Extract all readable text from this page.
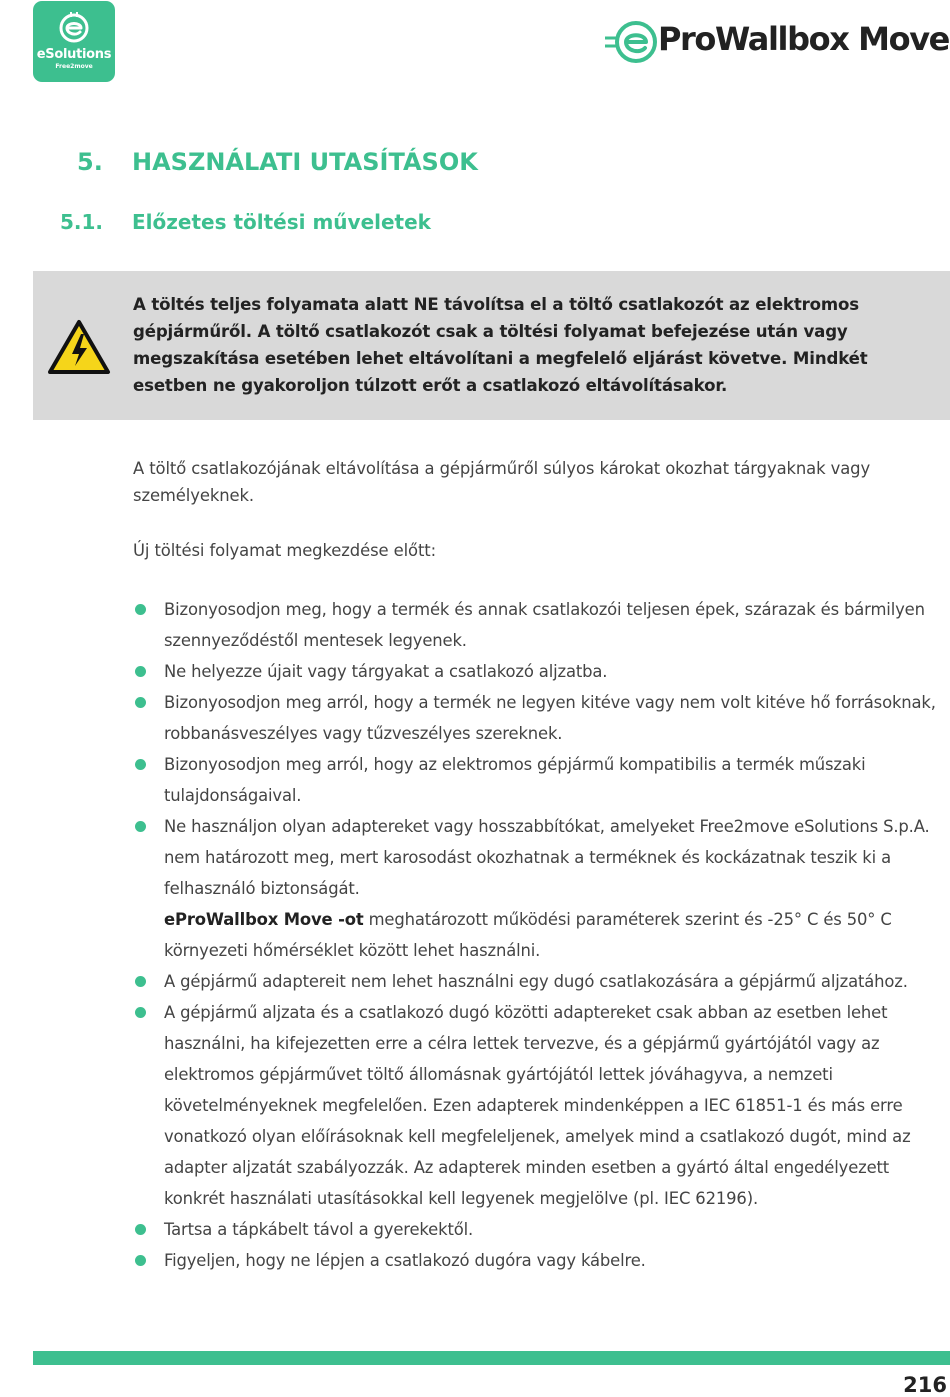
eSolutions
Free2move
ProWallbox Move
5. HASZNÁLATI UTASÍTÁSOK
5.1. Előzetes töltési műveletek
A töltés teljes folyamata alatt NE távolítsa el a töltő csatlakozót az elektromos gépjárműről. A töltő csatlakozót csak a töltési folyamat befejezése után vagy megszakítása esetében lehet eltávolítani a megfelelő eljárást követve. Mindkét esetben ne gyakoroljon túlzott erőt a csatlakozó eltávolításakor.
A töltő csatlakozójának eltávolítása a gépjárműről súlyos károkat okozhat tárgyaknak vagy személyeknek.
Új töltési folyamat megkezdése előtt:
Bizonyosodjon meg, hogy a termék és annak csatlakozói teljesen épek, szárazak és bármilyen szennyeződéstől mentesek legyenek.
Ne helyezze újait vagy tárgyakat a csatlakozó aljzatba.
Bizonyosodjon meg arról, hogy a termék ne legyen kitéve vagy nem volt kitéve hő forrásoknak, robbanásveszélyes vagy tűzveszélyes szereknek.
Bizonyosodjon meg arról, hogy az elektromos gépjármű kompatibilis a termék műszaki tulajdonságaival.
Ne használjon olyan adaptereket vagy hosszabbítókat, amelyeket Free2move eSolutions S.p.A. nem határozott meg, mert karosodást okozhatnak a terméknek és kockázatnak teszik ki a felhasználó biztonságát.
eProWallbox Move -ot meghatározott működési paraméterek szerint és -25° C és 50° C környezeti hőmérséklet között lehet használni.
A gépjármű adaptereit nem lehet használni egy dugó csatlakozására a gépjármű aljzatához.
A gépjármű aljzata és a csatlakozó dugó közötti adaptereket csak abban az esetben lehet használni, ha kifejezetten erre a célra lettek tervezve, és a gépjármű gyártójától vagy az elektromos gépjárművet töltő állomásnak gyártójától lettek jóváhagyva, a nemzeti követelményeknek megfelelően. Ezen adapterek mindenképpen a IEC 61851-1 és más erre vonatkozó olyan előírásoknak kell megfeleljenek, amelyek mind a csatlakozó dugót, mind az adapter aljzatát szabályozzák. Az adapterek minden esetben a gyártó által engedélyezett konkrét használati utasításokkal kell legyenek megjelölve (pl. IEC 62196).
Tartsa a tápkábelt távol a gyerekektől.
Figyeljen, hogy ne lépjen a csatlakozó dugóra vagy kábelre.
216
